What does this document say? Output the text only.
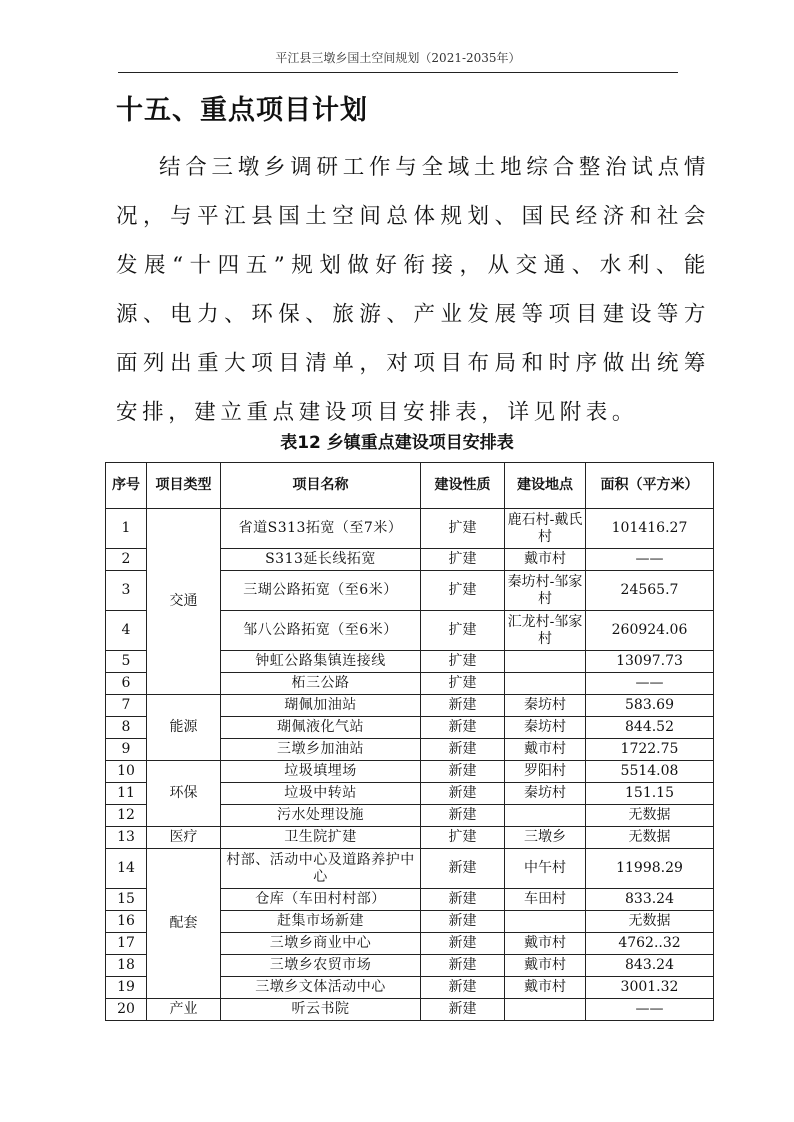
平江县三墩乡国土空间规划（2021-2035年）
十五、重点项目计划

结合三墩乡调研工作与全域土地综合整治试点情况，与平江县国土空间总体规划、国民经济和社会发展“十四五”规划做好衔接，从交通、水利、能源、电力、环保、旅游、产业发展等项目建设等方面列出重大项目清单，对项目布局和时序做出统筹安排，建立重点建设项目安排表，详见附表。

表12 乡镇重点建设项目安排表
序号	项目类型	项目名称	建设性质	建设地点	面积（平方米）
1	交通	省道S313拓宽（至7米）	扩建	鹿石村-戴氏村	101416.27
2		S313延长线拓宽	扩建	戴市村	——
3		三瑚公路拓宽（至6米）	扩建	秦坊村-邹家村	24565.7
4		邹八公路拓宽（至6米）	扩建	汇龙村-邹家村	260924.06
5		钟虹公路集镇连接线	扩建		13097.73
6		柘三公路	扩建		——
7	能源	瑚佩加油站	新建	秦坊村	583.69
8		瑚佩液化气站	新建	秦坊村	844.52
9		三墩乡加油站	新建	戴市村	1722.75
10	环保	垃圾填埋场	新建	罗阳村	5514.08
11		垃圾中转站	新建	秦坊村	151.15
12		污水处理设施	新建		无数据
13	医疗	卫生院扩建	扩建	三墩乡	无数据
14	配套	村部、活动中心及道路养护中心	新建	中午村	11998.29
15		仓库（车田村村部）	新建	车田村	833.24
16		赶集市场新建	新建		无数据
17		三墩乡商业中心	新建	戴市村	4762..32
18		三墩乡农贸市场	新建	戴市村	843.24
19		三墩乡文体活动中心	新建	戴市村	3001.32
20	产业	听云书院	新建		——
